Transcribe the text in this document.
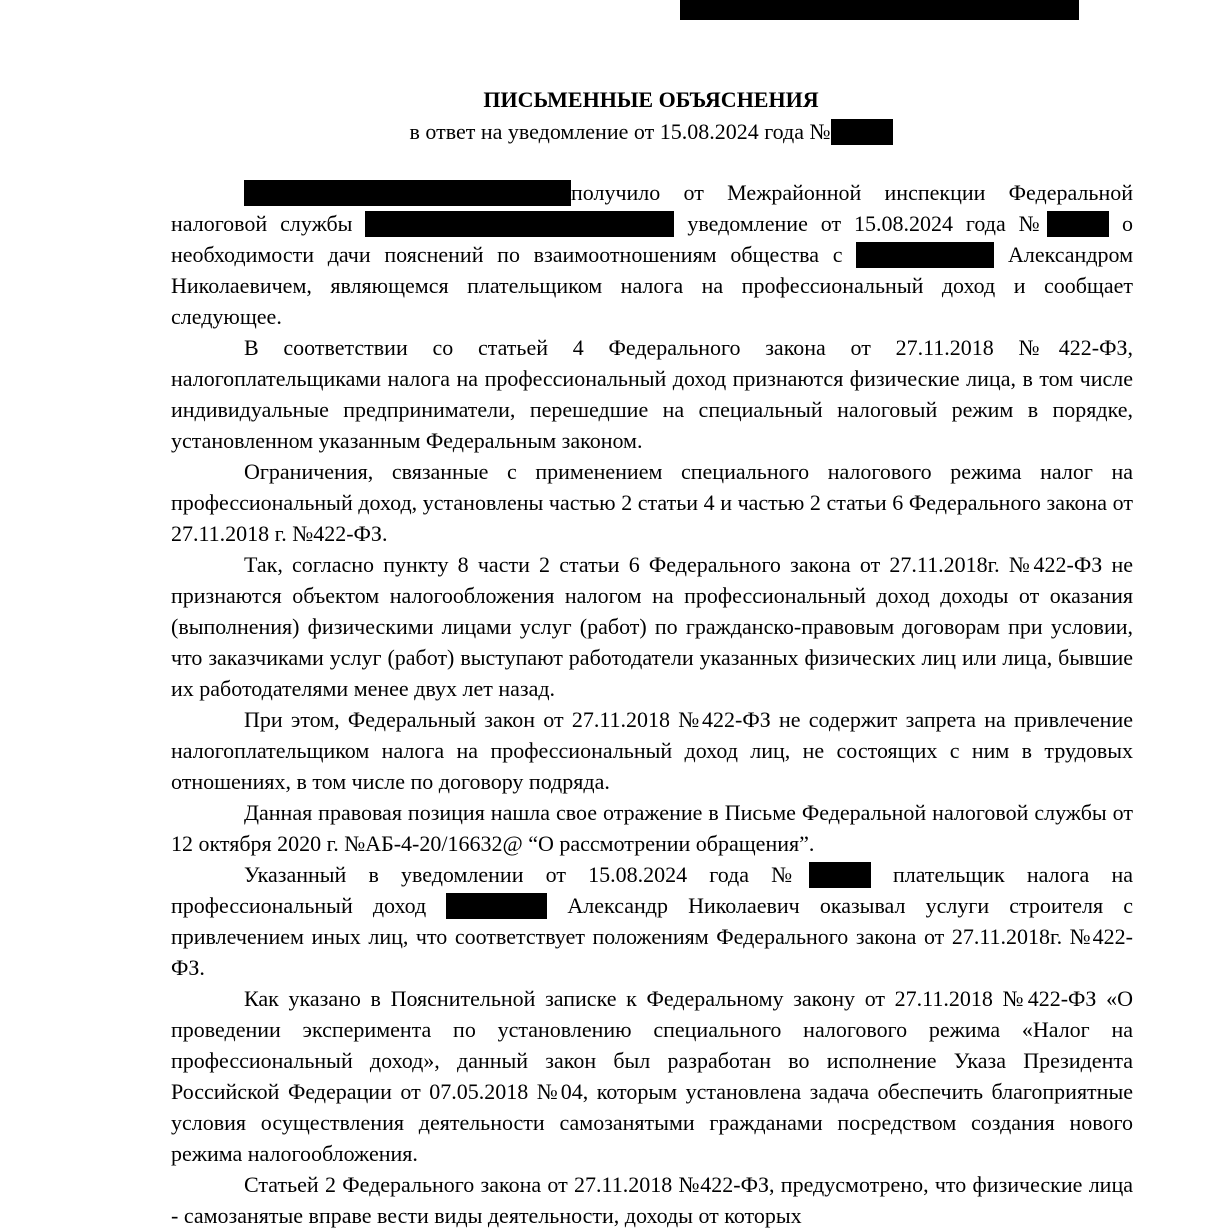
ПИСЬМЕННЫЕ ОБЪЯСНЕНИЯ
в ответ на уведомление от 15.08.2024 года №

получило от Межрайонной инспекции Федеральной налоговой службы	уведомление от 15.08.2024 года №	о необходимости дачи пояснений по взаимоотношениям общества с	Александром Николаевичем, являющемся плательщиком налога на профессиональный доход и сообщает следующее.

В соответствии со статьей 4 Федерального закона от 27.11.2018 №422-ФЗ, налогоплательщиками налога на профессиональный доход признаются физические лица, в том числе индивидуальные предприниматели, перешедшие на специальный налоговый режим в порядке, установленном указанным Федеральным законом.

Ограничения, связанные с применением специального налогового режима налог на профессиональный доход, установлены частью 2 статьи 4 и частью 2 статьи 6 Федерального закона от 27.11.2018 г. №422-ФЗ.

Так, согласно пункту 8 части 2 статьи 6 Федерального закона от 27.11.2018г. №422-ФЗ не признаются объектом налогообложения налогом на профессиональный доход доходы от оказания (выполнения) физическими лицами услуг (работ) по гражданско-правовым договорам при условии, что заказчиками услуг (работ) выступают работодатели указанных физических лиц или лица, бывшие их работодателями менее двух лет назад.

При этом, Федеральный закон от 27.11.2018 №422-ФЗ не содержит запрета на привлечение налогоплательщиком налога на профессиональный доход лиц, не состоящих с ним в трудовых отношениях, в том числе по договору подряда.

Данная правовая позиция нашла свое отражение в Письме Федеральной налоговой службы от 12 октября 2020 г. №АБ-4-20/16632@ “О рассмотрении обращения”.

Указанный в уведомлении от 15.08.2024 года №	плательщик налога на профессиональный доход	Александр Николаевич оказывал услуги строителя с привлечением иных лиц, что соответствует положениям Федерального закона от 27.11.2018г. №422-ФЗ.

Как указано в Пояснительной записке к Федеральному закону от 27.11.2018 №422-ФЗ «О проведении эксперимента по установлению специального налогового режима «Налог на профессиональный доход», данный закон был разработан во исполнение Указа Президента Российской Федерации от 07.05.2018 №04, которым установлена задача обеспечить благоприятные условия осуществления деятельности самозанятыми гражданами посредством создания нового режима налогообложения.

Статьей 2 Федерального закона от 27.11.2018 №422-ФЗ, предусмотрено, что физические лица - самозанятые вправе вести виды деятельности, доходы от которых
